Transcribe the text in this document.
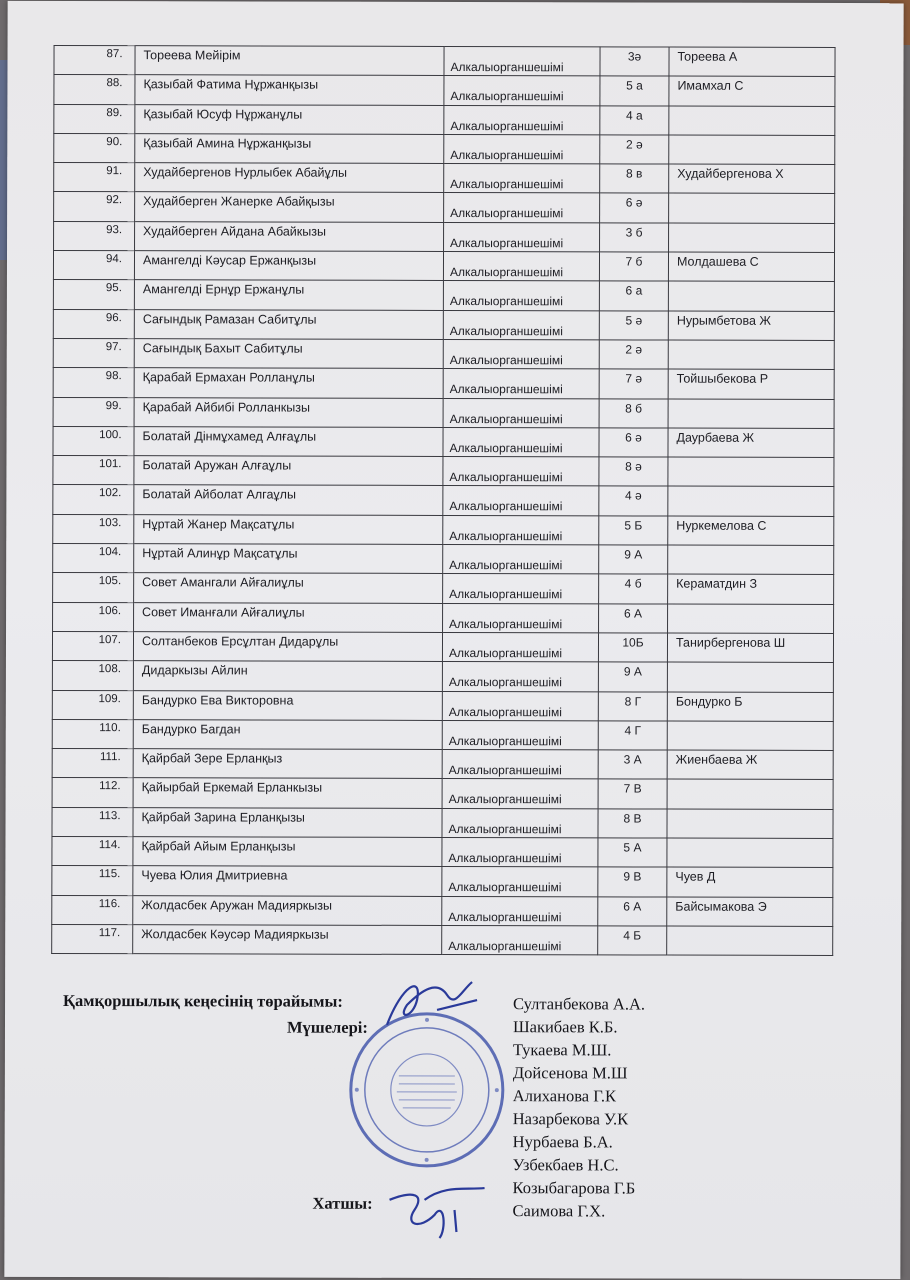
87.	Тореева Мейірім	Алкалыорганшешімі	3ә	Тореева А

88.	Қазыбай Фатима Нұржанқызы	Алкалыорганшешімі	5 а	Имамхал С

89.	Қазыбай Юсуф Нұржанұлы	Алкалыорганшешімі	4 а	

90.	Қазыбай Амина Нұржанқызы	Алкалыорганшешімі	2 ә	

91.	Худайбергенов Нурлыбек Абайұлы	Алкалыорганшешімі	8 в	Худайбергенова Х

92.	Худайберген Жанерке Абайқызы	Алкалыорганшешімі	6 ә	

93.	Худайберген Айдана Абайкызы	Алкалыорганшешімі	3 б	

94.	Амангелді Кәусар Ержанқызы	Алкалыорганшешімі	7 б	Молдашева С

95.	Амангелді Ернұр Ержанұлы	Алкалыорганшешімі	6 а	

96.	Сағындық Рамазан Сабитұлы	Алкалыорганшешімі	5 ә	Нурымбетова Ж

97.	Сағындық Бахыт Сабитұлы	Алкалыорганшешімі	2 ә	

98.	Қарабай Ермахан Ролланұлы	Алкалыорганшешімі	7 ә	Тойшыбекова Р

99.	Қарабай Айбибі Ролланкызы	Алкалыорганшешімі	8 б	

100.	Болатай Дінмұхамед Алғаұлы	Алкалыорганшешімі	6 ә	Даурбаева Ж

101.	Болатай Аружан Алғаұлы	Алкалыорганшешімі	8 ә	

102.	Болатай Айболат Алгаұлы	Алкалыорганшешімі	4 ә	

103.	Нұртай Жанер Мақсатұлы	Алкалыорганшешімі	5 Б	Нуркемелова С

104.	Нұртай Алинұр Мақсатұлы	Алкалыорганшешімі	9 А	

105.	Совет Амангали Айғалиұлы	Алкалыорганшешімі	4 б	Кераматдин З

106.	Совет Иманғали Айғалиұлы	Алкалыорганшешімі	6 А	

107.	Солтанбеков Ерсұлтан Дидарұлы	Алкалыорганшешімі	10Б	Танирбергенова Ш

108.	Дидаркызы Айлин	Алкалыорганшешімі	9 А	

109.	Бандурко Ева Викторовна	Алкалыорганшешімі	8 Г	Бондурко Б

110.	Бандурко Багдан	Алкалыорганшешімі	4 Г	

111.	Қайрбай Зере Ерланқыз	Алкалыорганшешімі	3 А	Жиенбаева Ж

112.	Қайырбай Еркемай Ерланкызы	Алкалыорганшешімі	7 В	

113.	Қайрбай Зарина Ерланқызы	Алкалыорганшешімі	8 В	

114.	Қайрбай Айым Ерланқызы	Алкалыорганшешімі	5 А	

115.	Чуева Юлия Дмитриевна	Алкалыорганшешімі	9 В	Чуев Д

116.	Жолдасбек Аружан Мадияркызы	Алкалыорганшешімі	6 А	Байсымакова Э

117.	Жолдасбек Кәусәр Мадияркызы	Алкалыорганшешімі	4 Б	

Қамқоршылық кеңесінің төрайымы:
Мүшелері:
Хатшы:
Султанбекова А.А.
Шакибаев К.Б.
Тукаева М.Ш.
Дойсенова М.Ш
Алиханова Г.К
Назарбекова У.К
Нурбаева Б.А.
Узбекбаев Н.С.
Козыбагарова Г.Б
Саимова Г.Х.
